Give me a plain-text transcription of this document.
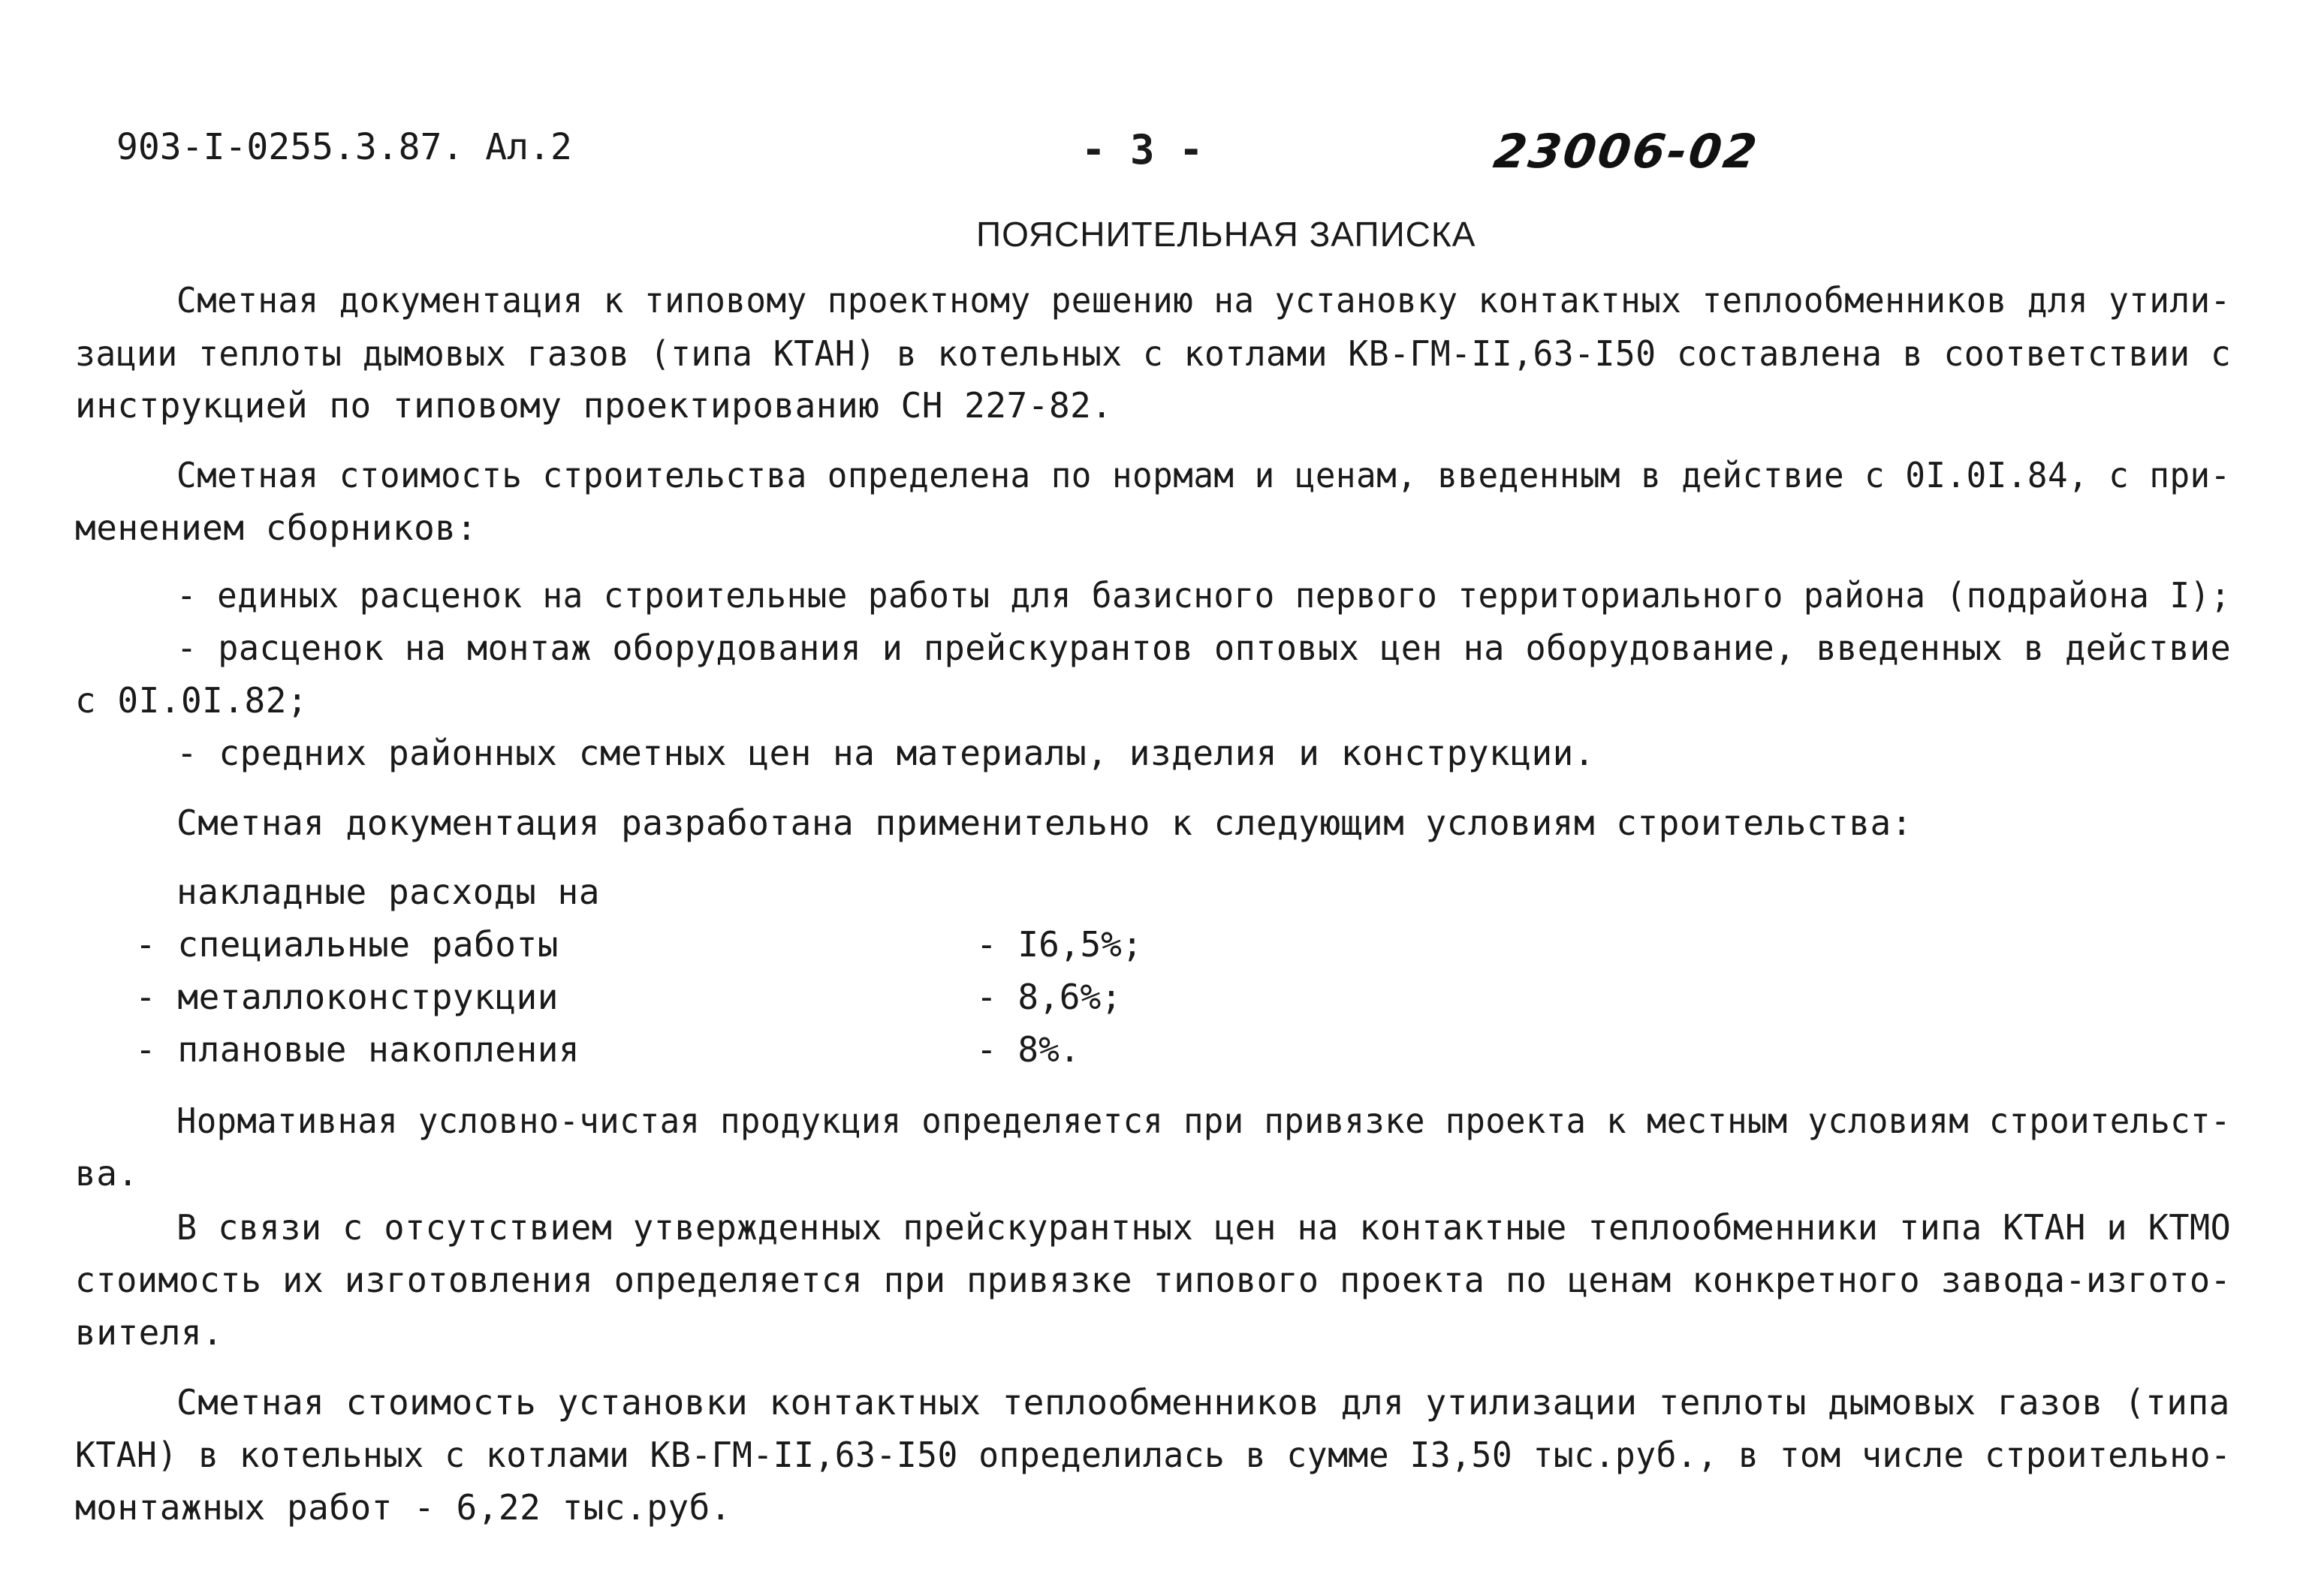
903-I-0255.3.87. Ал.2	- 3 -	23006-02
ПОЯСНИТЕЛЬНАЯ ЗАПИСКА
Сметная документация к типовому проектному решению на установку контактных теплообменников для утили-
зации теплоты дымовых газов (типа КТАН) в котельных с котлами КВ-ГМ-II,63-I50 составлена в соответствии с
инструкцией по типовому проектированию СН 227-82.
Сметная стоимость строительства определена по нормам и ценам, введенным в действие с 0I.0I.84, с при-
менением сборников:
- единых расценок на строительные работы для базисного первого территориального района (подрайона I);
- расценок на монтаж оборудования и прейскурантов оптовых цен на оборудование, введенных в действие
с 0I.0I.82;
- средних районных сметных цен на материалы, изделия и конструкции.
Сметная документация разработана применительно к следующим условиям строительства:
накладные расходы на
- специальные работы	- I6,5%;
- металлоконструкции	- 8,6%;
- плановые накопления	- 8%.
Нормативная условно-чистая продукция определяется при привязке проекта к местным условиям строительст-
ва.
В связи с отсутствием утвержденных прейскурантных цен на контактные теплообменники типа КТАН и КТМО
стоимость их изготовления определяется при привязке типового проекта по ценам конкретного завода-изгото-
вителя.
Сметная стоимость установки контактных теплообменников для утилизации теплоты дымовых газов (типа
КТАН) в котельных с котлами КВ-ГМ-II,63-I50 определилась в сумме I3,50 тыс.руб., в том числе строительно-
монтажных работ - 6,22 тыс.руб.
